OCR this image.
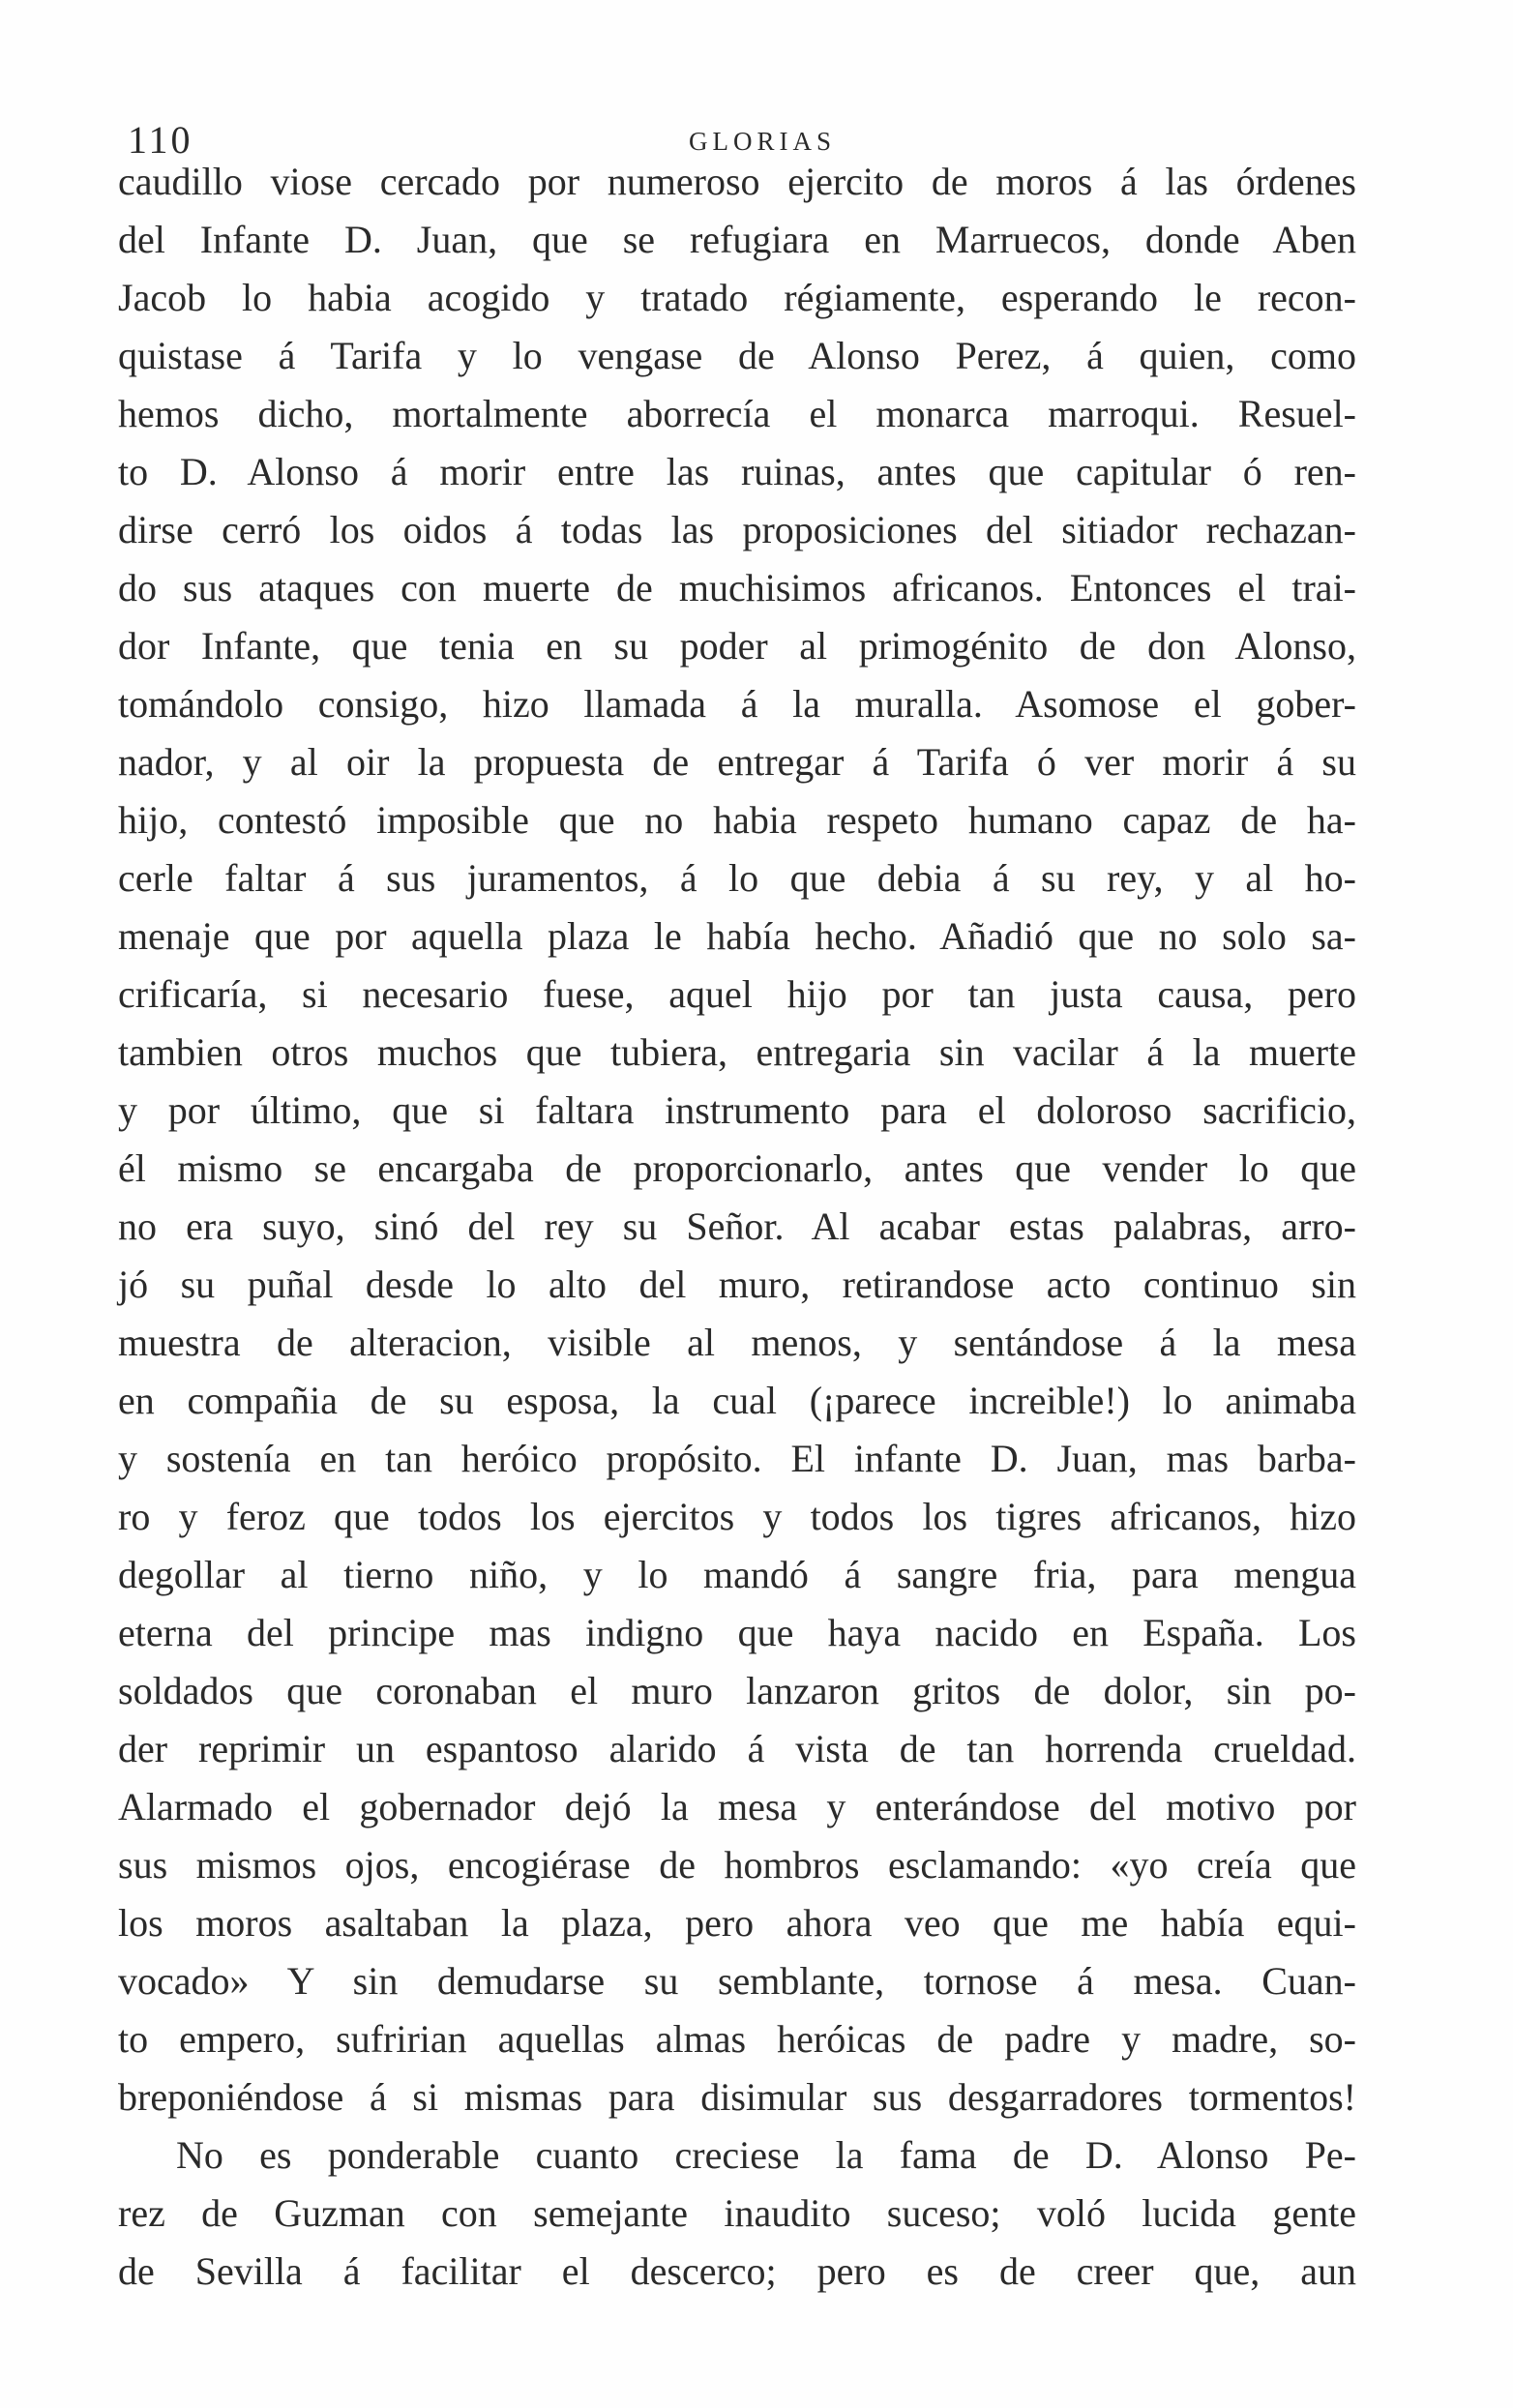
110	GLORIAS
caudillo viose cercado por numeroso ejercito de moros á las órdenes
del Infante D. Juan, que se refugiara en Marruecos, donde Aben
Jacob lo habia acogido y tratado régiamente, esperando le recon-
quistase á Tarifa y lo vengase de Alonso Perez, á quien, como
hemos dicho, mortalmente aborrecía el monarca marroqui. Resuel-
to D. Alonso á morir entre las ruinas, antes que capitular ó ren-
dirse cerró los oidos á todas las proposiciones del sitiador rechazan-
do sus ataques con muerte de muchisimos africanos. Entonces el trai-
dor Infante, que tenia en su poder al primogénito de don Alonso,
tomándolo consigo, hizo llamada á la muralla. Asomose el gober-
nador, y al oir la propuesta de entregar á Tarifa ó ver morir á su
hijo, contestó imposible que no habia respeto humano capaz de ha-
cerle faltar á sus juramentos, á lo que debia á su rey, y al ho-
menaje que por aquella plaza le había hecho. Añadió que no solo sa-
crificaría, si necesario fuese, aquel hijo por tan justa causa, pero
tambien otros muchos que tubiera, entregaria sin vacilar á la muerte
y por último, que si faltara instrumento para el doloroso sacrificio,
él mismo se encargaba de proporcionarlo, antes que vender lo que
no era suyo, sinó del rey su Señor. Al acabar estas palabras, arro-
jó su puñal desde lo alto del muro, retirandose acto continuo sin
muestra de alteracion, visible al menos, y sentándose á la mesa
en compañia de su esposa, la cual (¡parece increible!) lo animaba
y sostenía en tan heróico propósito. El infante D. Juan, mas barba-
ro y feroz que todos los ejercitos y todos los tigres africanos, hizo
degollar al tierno niño, y lo mandó á sangre fria, para mengua
eterna del principe mas indigno que haya nacido en España. Los
soldados que coronaban el muro lanzaron gritos de dolor, sin po-
der reprimir un espantoso alarido á vista de tan horrenda crueldad.
Alarmado el gobernador dejó la mesa y enterándose del motivo por
sus mismos ojos, encogiérase de hombros esclamando: «yo creía que
los moros asaltaban la plaza, pero ahora veo que me había equi-
vocado» Y sin demudarse su semblante, tornose á mesa. Cuan-
to empero, sufririan aquellas almas heróicas de padre y madre, so-
breponiéndose á si mismas para disimular sus desgarradores tormentos!
No es ponderable cuanto creciese la fama de D. Alonso Pe-
rez de Guzman con semejante inaudito suceso; voló lucida gente
de Sevilla á facilitar el descerco; pero es de creer que, aun
